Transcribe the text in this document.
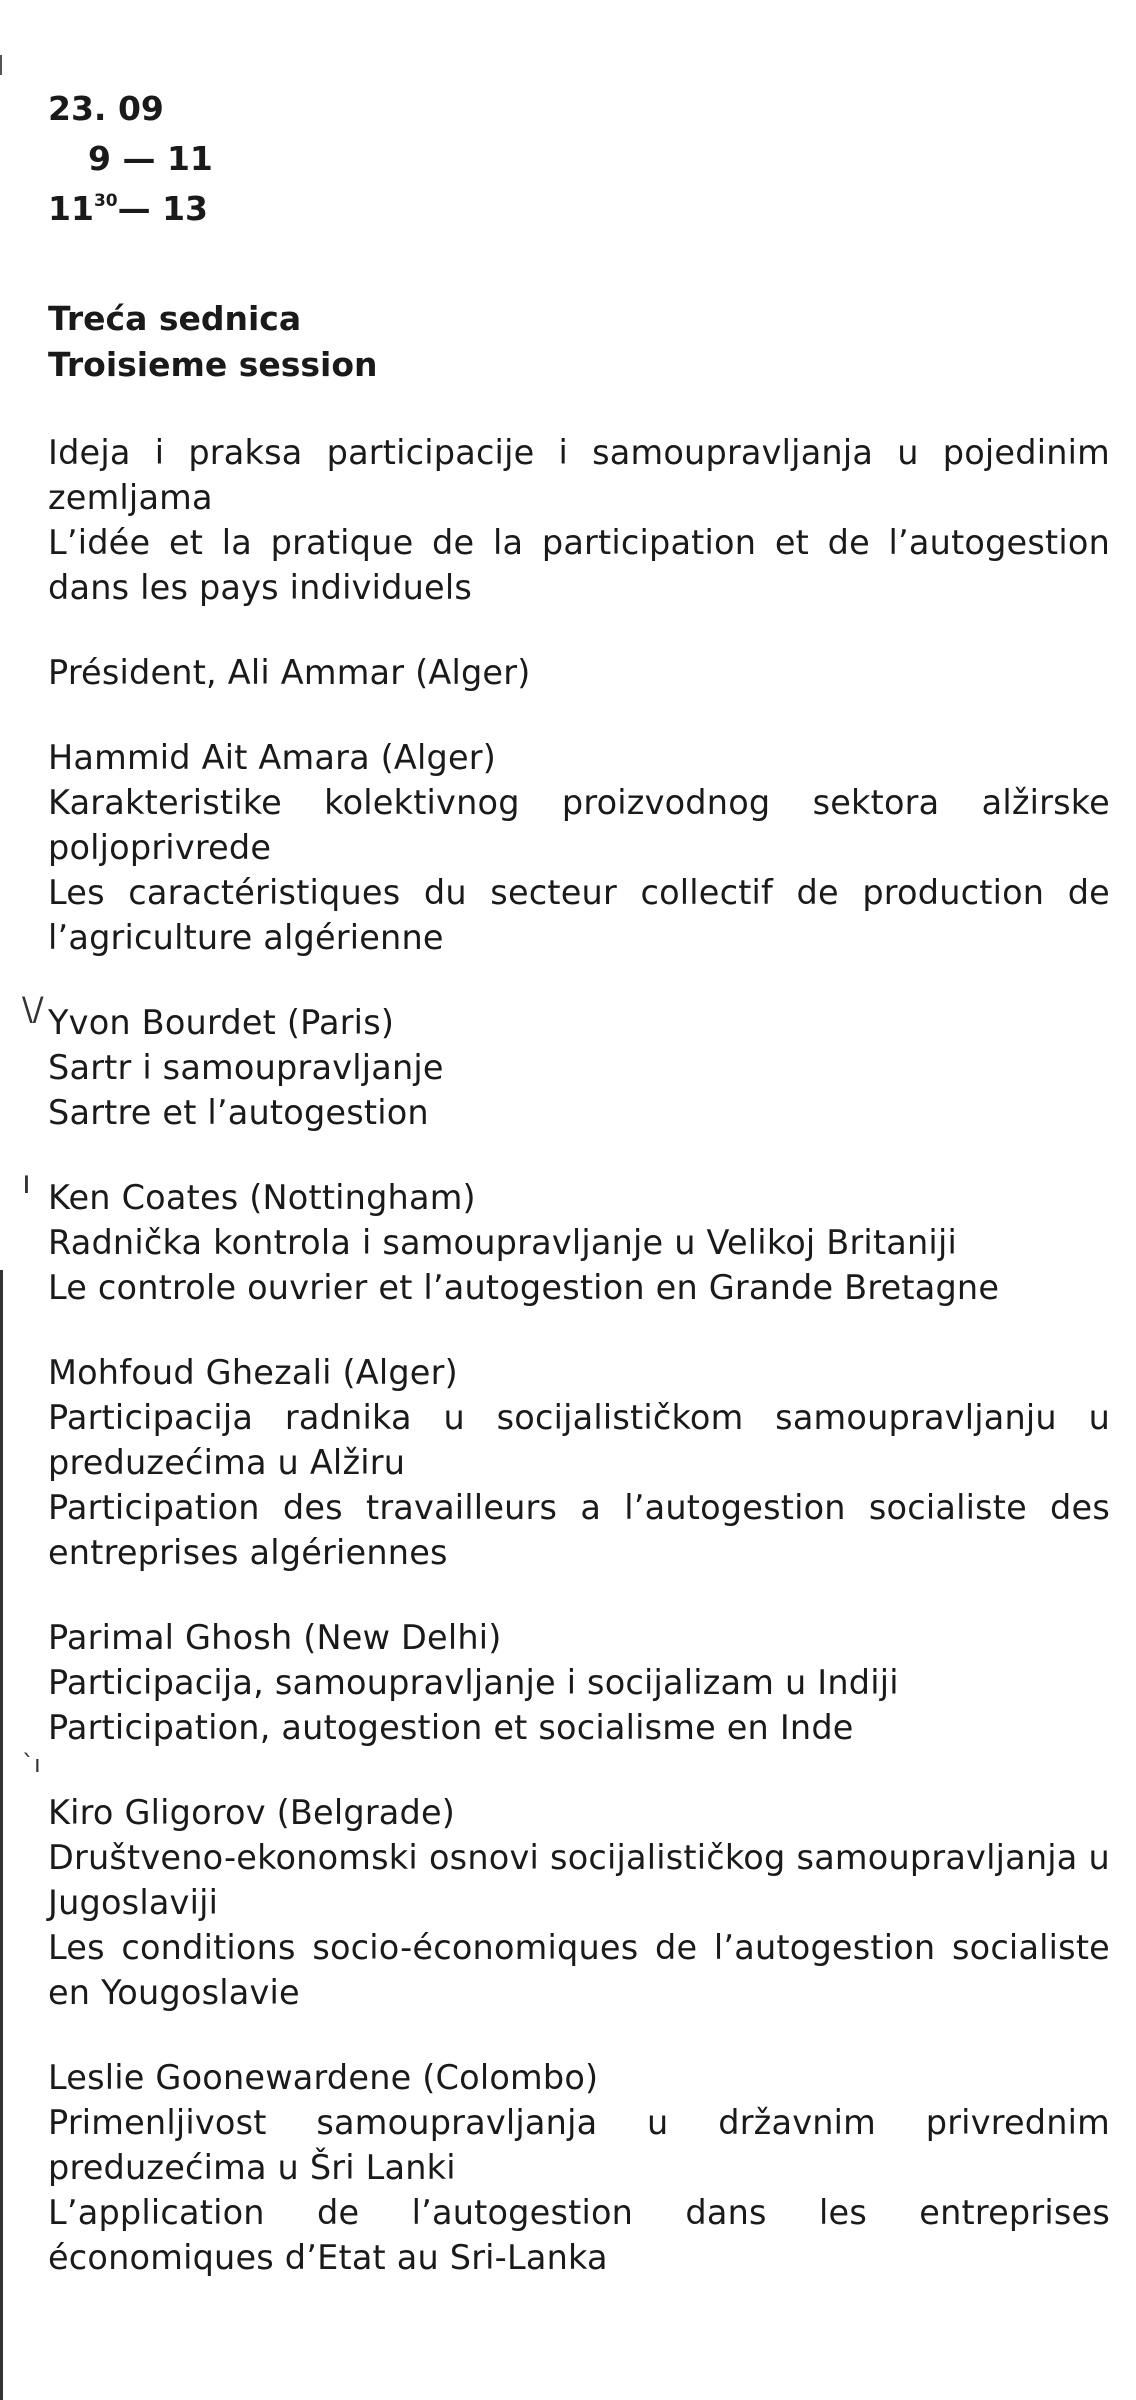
23. 09
9 — 11
$11^{30}—$ 13
Treća sednica
Troisieme session
\/
ı
`ı

Ideja i praksa participacije i samoupravljanja u pojedinim zemljama

L’idée et la pratique de la participation et de l’autogestion dans les pays individuels

Président, Ali Ammar (Alger)

Hammid Ait Amara (Alger)

Karakteristike kolektivnog proizvodnog sektora alžirske poljoprivrede

Les caractéristiques du secteur collectif de production de l’agriculture algérienne

Yvon Bourdet (Paris)

Sartr i samoupravljanje

Sartre et l’autogestion

Ken Coates (Nottingham)

Radnička kontrola i samoupravljanje u Velikoj Britaniji

Le controle ouvrier et l’autogestion en Grande Bretagne

Mohfoud Ghezali (Alger)

Participacija radnika u socijalističkom samoupravljanju u preduzećima u Alžiru

Participation des travailleurs a l’autogestion socialiste des entreprises algériennes

Parimal Ghosh (New Delhi)

Participacija, samoupravljanje i socijalizam u Indiji

Participation, autogestion et socialisme en Inde

Kiro Gligorov (Belgrade)

Društveno-ekonomski osnovi socijalističkog samoupravljanja u Jugoslaviji

Les conditions socio-économiques de l’autogestion socialiste en Yougoslavie

Leslie Goonewardene (Colombo)

Primenljivost samoupravljanja u državnim privrednim preduzećima u Šri Lanki

L’application de l’autogestion dans les entreprises économiques d’Etat au Sri-Lanka
